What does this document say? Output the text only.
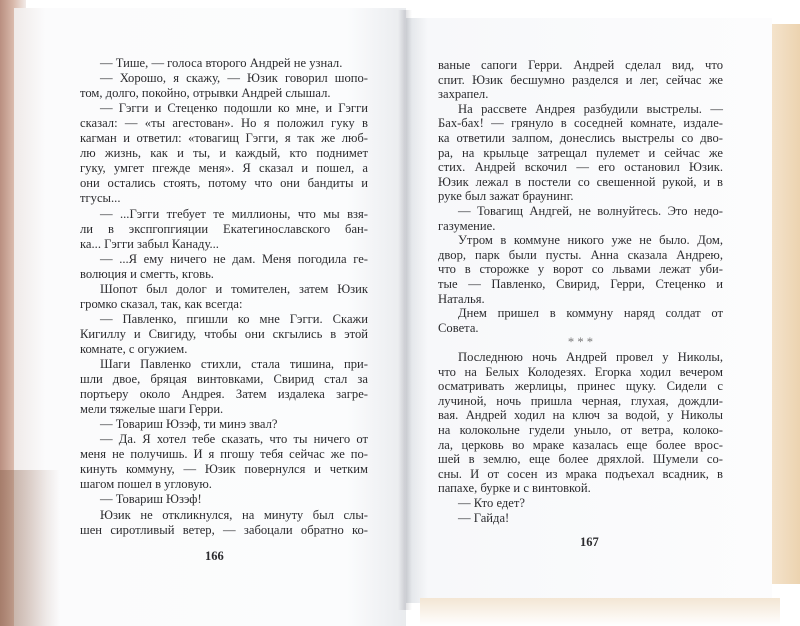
— Тише, — голоса второго Андрей не узнал.
— Хорошо, я скажу, — Юзик говорил шопо-
том, долго, покойно, отрывки Андрей слышал.
— Гэгги и Стеценко подошли ко мне, и Гэгги
сказал: — «ты агестован». Но я положил гуку в
кагман и ответил: «товагищ Гэгги, я так же люб-
лю жизнь, как и ты, и каждый, кто поднимет
гуку, умгет пгежде меня». Я сказал и пошел, а
они остались стоять, потому что они бандиты и
тгусы...
— ...Гэгги тгебует те миллионы, что мы взя-
ли в экспгопгияции Екатегинославского бан-
ка... Гэгги забыл Канаду...
— ...Я ему ничего не дам. Меня погодила ге-
волюция и смегть, кговь.
Шопот был долог и томителен, затем Юзик
громко сказал, так, как всегда:
— Павленко, пгишли ко мне Гэгги. Скажи
Кигиллу и Свигиду, чтобы они скгылись в этой
комнате, с огужием.
Шаги Павленко стихли, стала тишина, при-
шли двое, бряцая винтовками, Свирид стал за
портьеру около Андрея. Затем издалека загре-
мели тяжелые шаги Герри.
— Товариш Юзэф, ти минэ звал?
— Да. Я хотел тебе сказать, что ты ничего от
меня не получишь. И я пгошу тебя сейчас же по-
кинуть коммуну, — Юзик повернулся и четким
шагом пошел в угловую.
— Товариш Юзэф!
Юзик не откликнулся, на минуту был слы-
шен сиротливый ветер, — забоцали обратно ко-
ваные сапоги Герри. Андрей сделал вид, что
спит. Юзик бесшумно разделся и лег, сейчас же
захрапел.
На рассвете Андрея разбудили выстрелы. —
Бах-бах! — грянуло в соседней комнате, издале-
ка ответили залпом, донеслись выстрелы со дво-
ра, на крыльце затрещал пулемет и сейчас же
стих. Андрей вскочил — его остановил Юзик.
Юзик лежал в постели со свешенной рукой, и в
руке был зажат браунинг.
— Товагищ Андгей, не волнуйтесь. Это недо-
газумение.
Утром в коммуне никого уже не было. Дом,
двор, парк были пусты. Анна сказала Андрею,
что в сторожке у ворот со львами лежат уби-
тые — Павленко, Свирид, Герри, Стеценко и
Наталья.
Днем пришел в коммуну наряд солдат от
Совета.
* * *
Последнюю ночь Андрей провел у Николы,
что на Белых Колодезях. Егорка ходил вечером
осматривать жерлицы, принес щуку. Сидели с
лучиной, ночь пришла черная, глухая, дождли-
вая. Андрей ходил на ключ за водой, у Николы
на колокольне гудели уныло, от ветра, колоко-
ла, церковь во мраке казалась еще более врос-
шей в землю, еще более дряхлой. Шумели со-
сны. И от сосен из мрака подъехал всадник, в
папахе, бурке и с винтовкой.
— Кто едет?
— Гайда!
166
167
